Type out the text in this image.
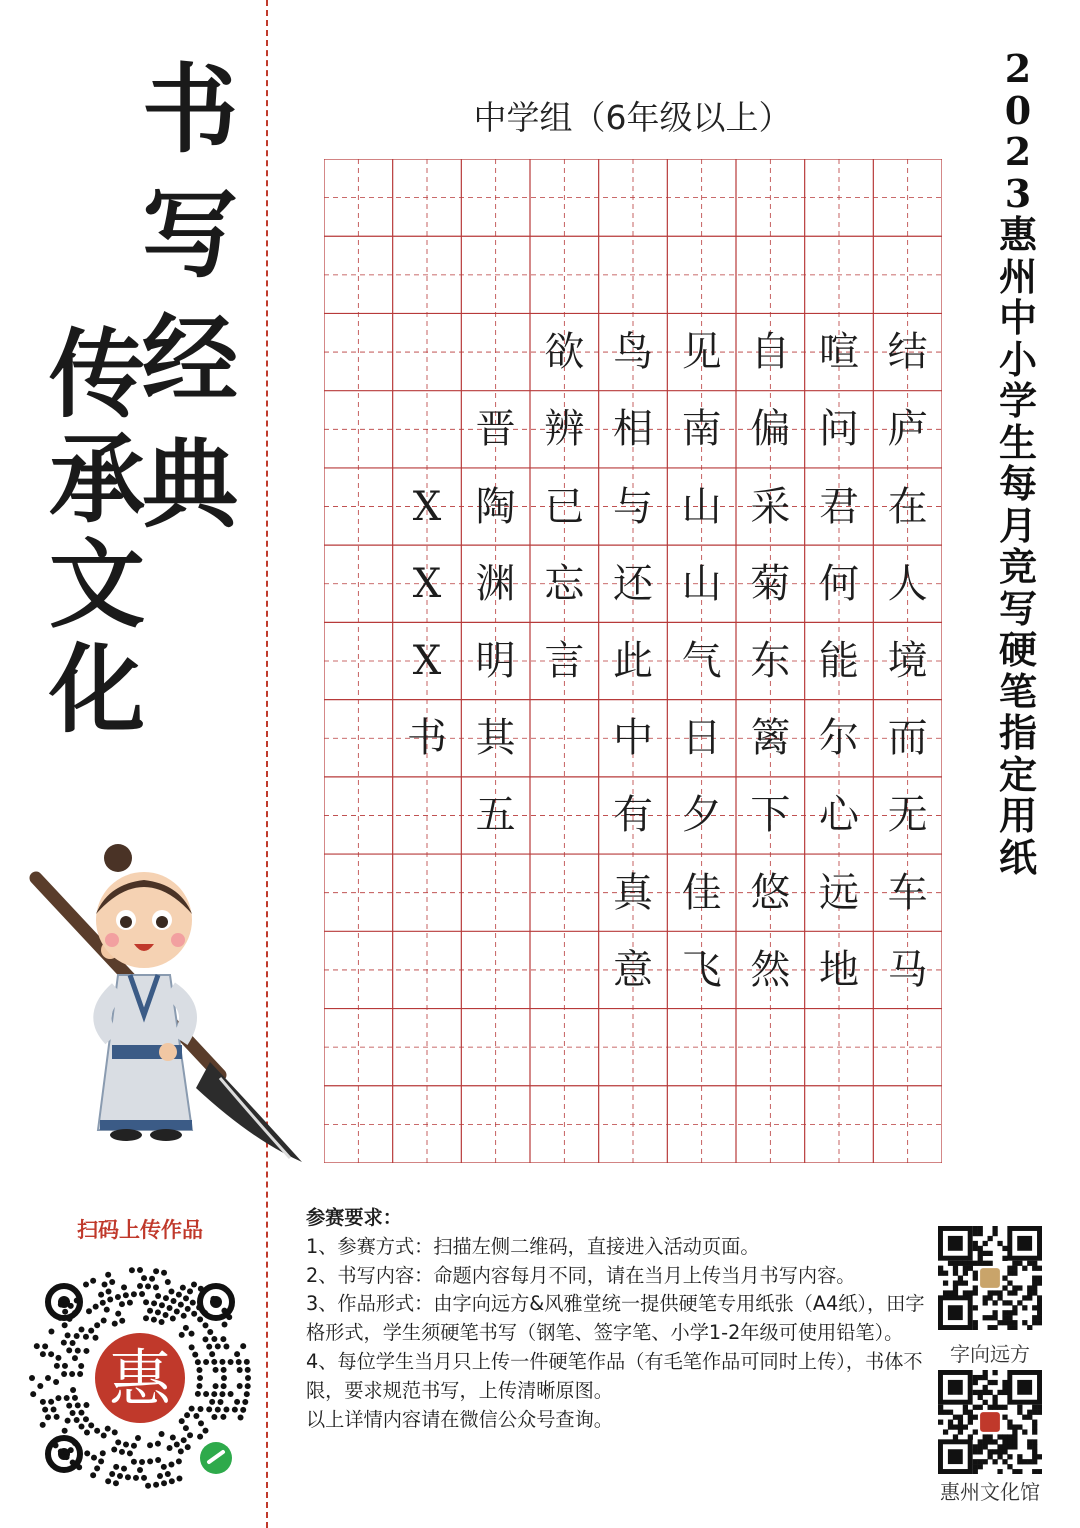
书
写
经
典
传
承
文
化
2
0
2
3
惠
州
中
小
学
生
每
月
竞
写
硬
笔
指
定
用
纸
中学组（6年级以上）
X
X
X
书
晋
陶
渊
明
其
五
欲
辨
已
忘
言
鸟
相
与
还
此
中
有
真
意
见
南
山
山
气
日
夕
佳
飞
自
偏
采
菊
东
篱
下
悠
然
喧
问
君
何
能
尔
心
远
地
结
庐
在
人
境
而
无
车
马
扫码上传作品
惠

参赛要求：

1、参赛方式：扫描左侧二维码，直接进入活动页面。

2、书写内容：命题内容每月不同，请在当月上传当月书写内容。

3、作品形式：由字向远方&风雅堂统一提供硬笔专用纸张（A4纸），田字格形式，学生须硬笔书写（钢笔、签字笔、小学1-2年级可使用铅笔）。

4、每位学生当月只上传一件硬笔作品（有毛笔作品可同时上传），书体不限，要求规范书写，上传清晰原图。

以上详情内容请在微信公众号查询。

字向远方
惠州文化馆
